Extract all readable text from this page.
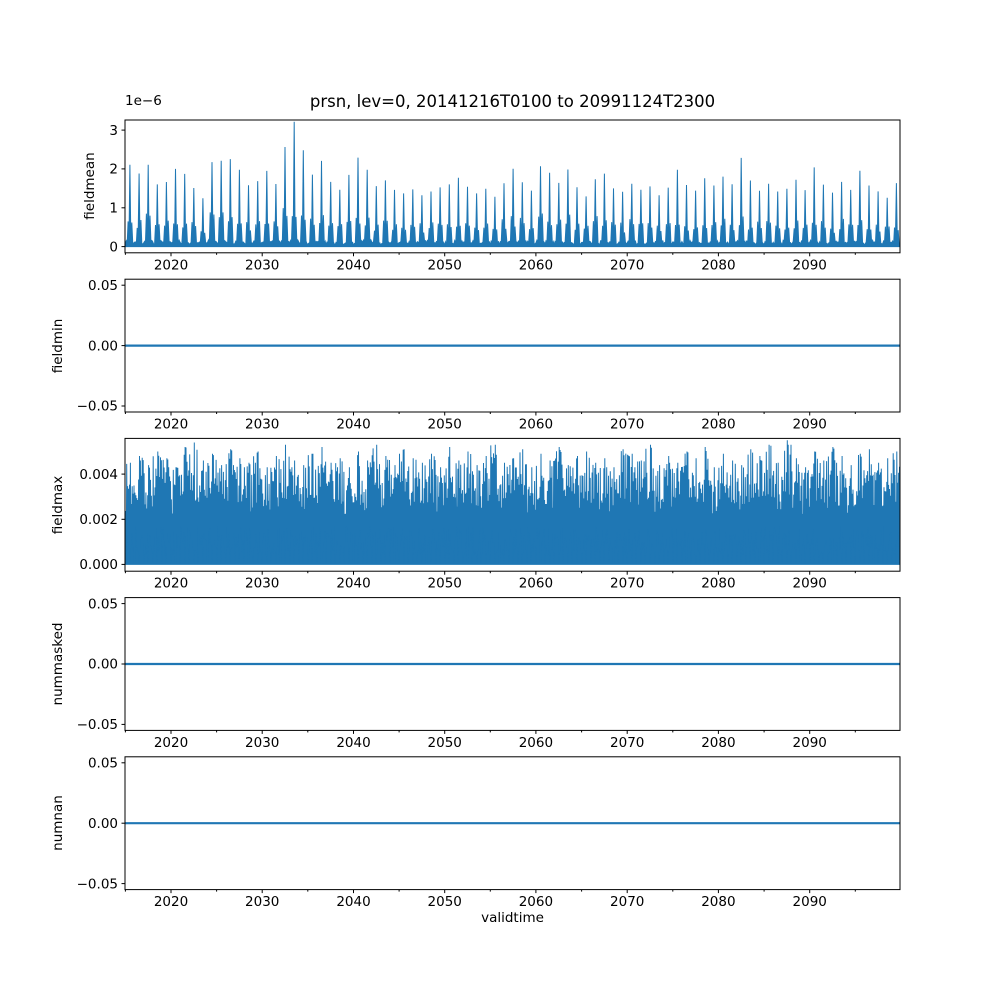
0
1
2
3
2020	2030	2040	2050	2060	2070	2080	2090
0.05
0.00
−0.05
2020	2030	2040	2050	2060	2070	2080	2090
0.004
0.002
0.000
2020	2030	2040	2050	2060	2070	2080	2090
0.05
0.00
−0.05
2020	2030	2040	2050	2060	2070	2080	2090
0.05
0.00
−0.05
2020	2030	2040	2050	2060	2070	2080	2090
prsn, lev=0, 20141216T0100 to 20991124T2300
1e−6
fieldmean
fieldmin
fieldmax
nummasked
numnan
validtime
